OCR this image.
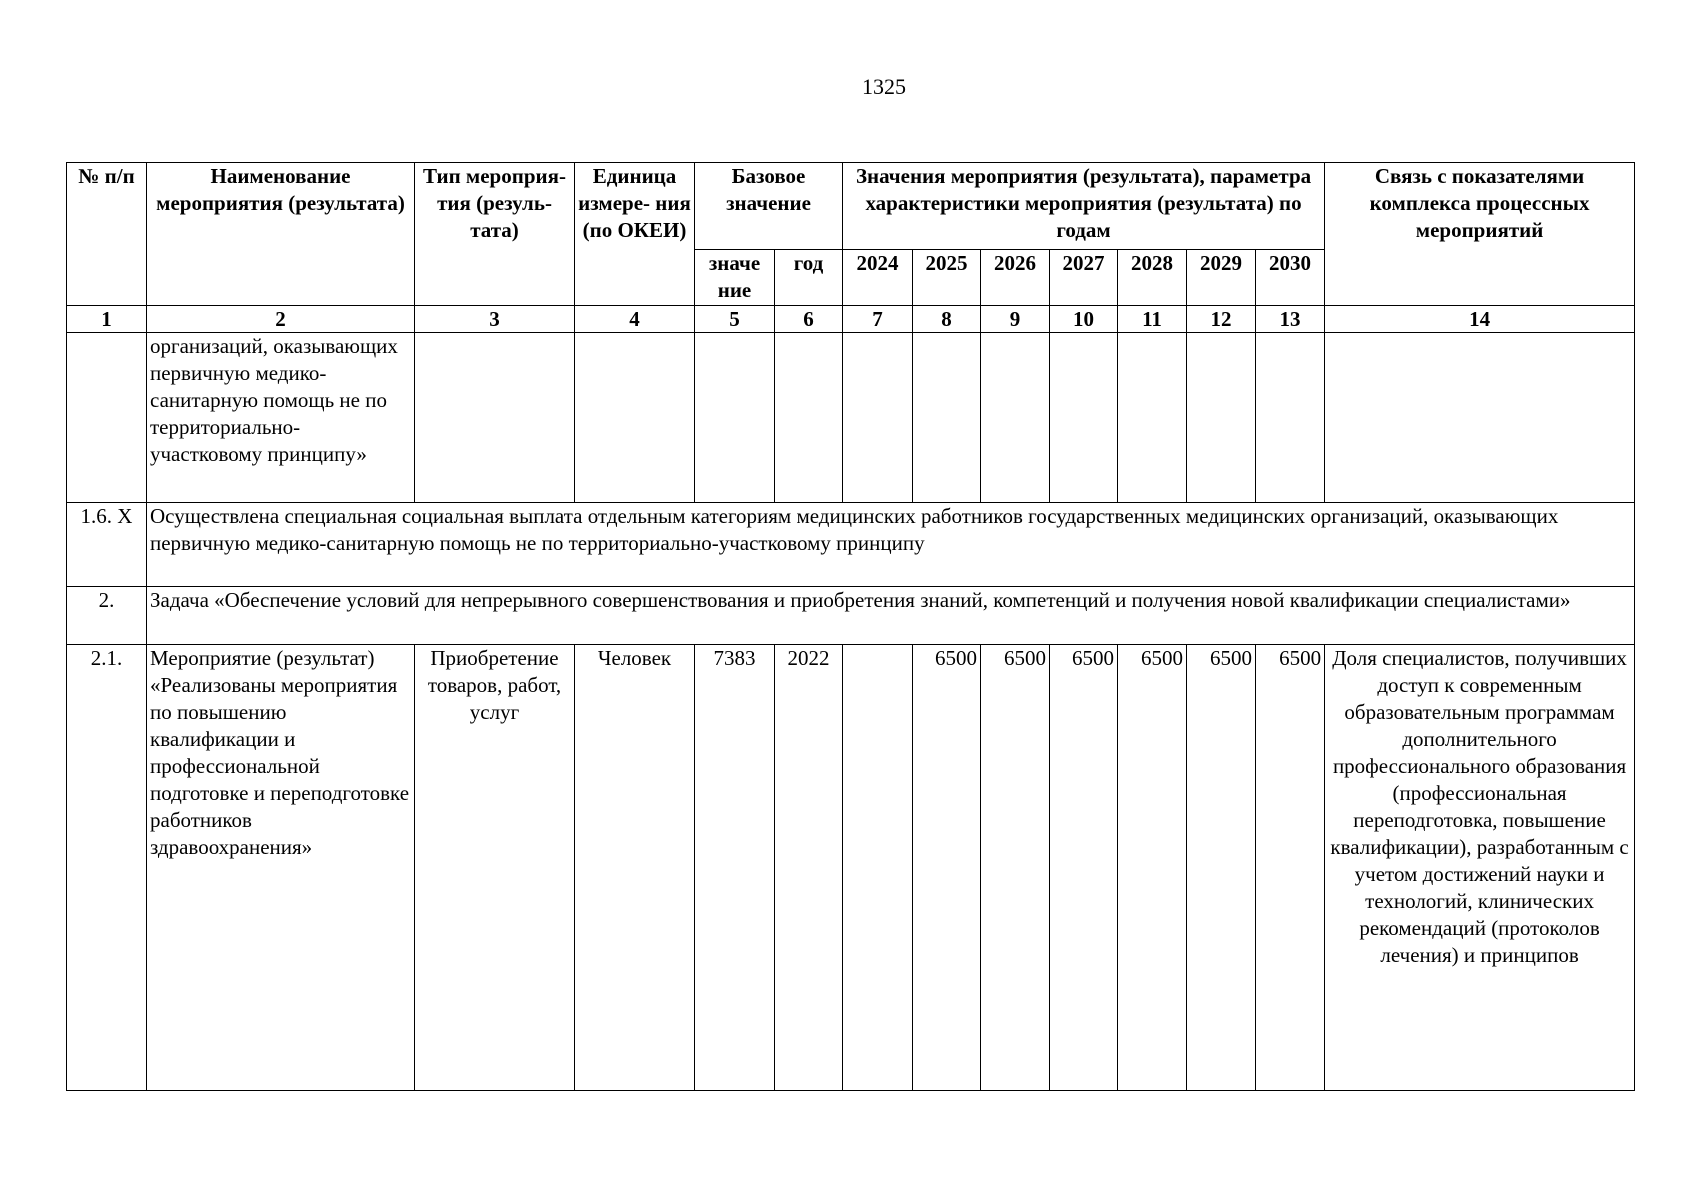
1325
№ п/п	Наименование мероприятия (результата)	Тип мероприя- тия (резуль- тата)	Единица измере- ния (по ОКЕИ)	Базовое значение		Значения мероприятия (результата), параметра характеристики мероприятия (результата) по годам							Связь с показателями комплекса процессных мероприятий
				значе ние	год	2024	2025	2026	2027	2028	2029	2030	
1	2	3	4	5	6	7	8	9	10	11	12	13	14
	организаций, оказывающих первичную медико-санитарную помощь не по территориально-участковому принципу»												
1.6. X	Осуществлена специальная социальная выплата отдельным категориям медицинских работников государственных медицинских организаций, оказывающих первичную медико-санитарную помощь не по территориально-участковому принципу												
2.	Задача «Обеспечение условий для непрерывного совершенствования и приобретения знаний, компетенций и получения новой квалификации специалистами»												
2.1.	Мероприятие (результат) «Реализованы мероприятия по повышению квалификации и профессиональной подготовке и переподготовке работников здравоохранения»	Приобретение товаров, работ, услуг	Человек	7383	2022		6500	6500	6500	6500	6500	6500	Доля специалистов, получивших доступ к современным образовательным программам дополнительного профессионального образования (профессиональная переподготовка, повышение квалификации), разработанным с учетом достижений науки и технологий, клинических рекомендаций (протоколов лечения) и принципов
